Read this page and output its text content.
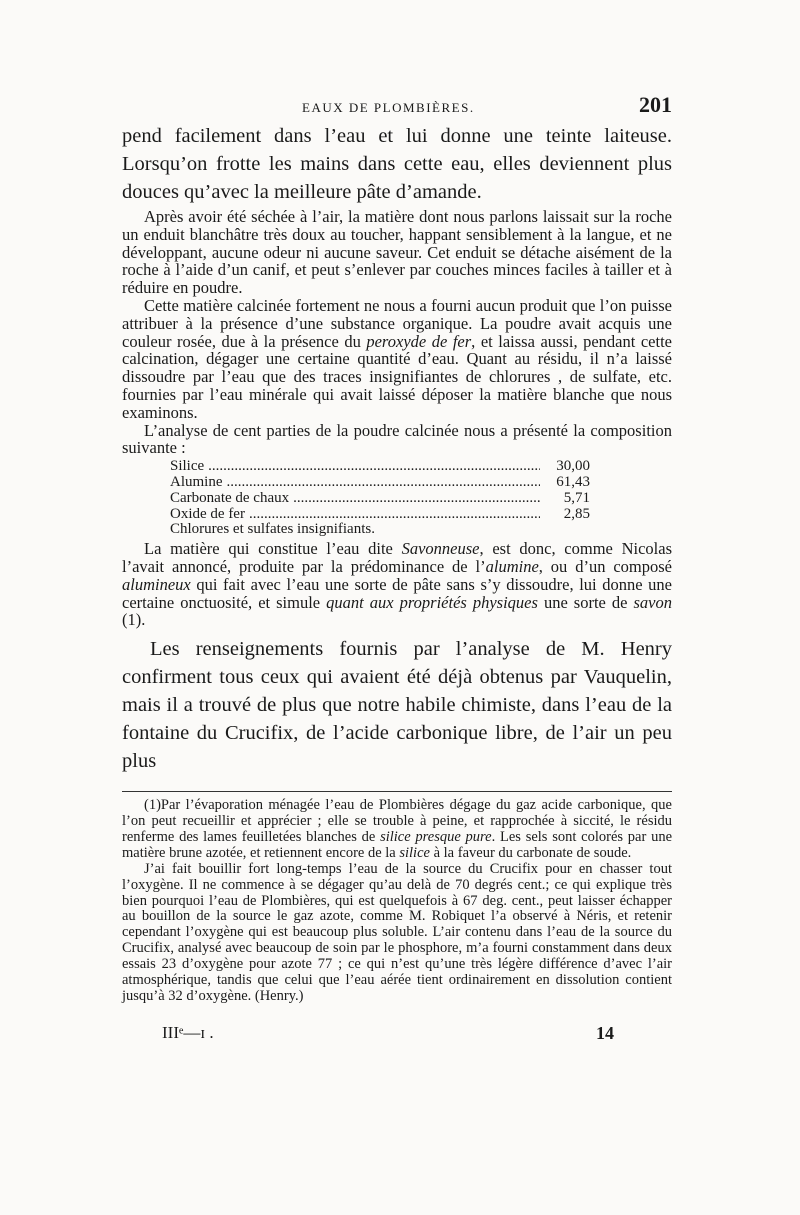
EAUX DE PLOMBIÈRES.	201

pend facilement dans l’eau et lui donne une teinte laiteuse. Lorsqu’on frotte les mains dans cette eau, elles deviennent plus douces qu’avec la meilleure pâte d’amande.

Après avoir été séchée à l’air, la matière dont nous parlons laissait sur la roche un enduit blanchâtre très doux au toucher, happant sensiblement à la langue, et ne développant, aucune odeur ni aucune saveur. Cet enduit se détache aisément de la roche à l’aide d’un canif, et peut s’enlever par couches minces faciles à tailler et à réduire en poudre.

Cette matière calcinée fortement ne nous a fourni aucun produit que l’on puisse attribuer à la présence d’une substance organique. La poudre avait acquis une couleur rosée, due à la présence du peroxyde de fer, et laissa aussi, pendant cette calcination, dégager une certaine quantité d’eau. Quant au résidu, il n’a laissé dissoudre par l’eau que des traces insignifiantes de chlorures , de sulfate, etc. fournies par l’eau minérale qui avait laissé déposer la matière blanche que nous examinons.

L’analyse de cent parties de la poudre calcinée nous a présenté la composition suivante :

Silice .....	30,00
Alumine .....	61,43
Carbonate de chaux .....	5,71
Oxide de fer .....	2,85
Chlorures et sulfates insignifiants.

La matière qui constitue l’eau dite Savonneuse, est donc, comme Nicolas l’avait annoncé, produite par la prédominance de l’alumine, ou d’un composé alumineux qui fait avec l’eau une sorte de pâte sans s’y dissoudre, lui donne une certaine onctuosité, et simule quant aux propriétés physiques une sorte de savon (1).

Les renseignements fournis par l’analyse de M. Henry confirment tous ceux qui avaient été déjà obtenus par Vauquelin, mais il a trouvé de plus que notre habile chimiste, dans l’eau de la fontaine du Crucifix, de l’acide carbonique libre, de l’air un peu plus

(1)Par l’évaporation ménagée l’eau de Plombières dégage du gaz acide carbonique, que l’on peut recueillir et apprécier ; elle se trouble à peine, et rapprochée à siccité, le résidu renferme des lames feuilletées blanches de silice presque pure. Les sels sont colorés par une matière brune azotée, et retiennent encore de la silice à la faveur du carbonate de soude.

J’ai fait bouillir fort long-temps l’eau de la source du Crucifix pour en chasser tout l’oxygène. Il ne commence à se dégager qu’au delà de 70 degrés cent.; ce qui explique très bien pourquoi l’eau de Plombières, qui est quelquefois à 67 deg. cent., peut laisser échapper au bouillon de la source le gaz azote, comme M. Robiquet l’a observé à Néris, et retenir cependant l’oxygène qui est beaucoup plus soluble. L’air contenu dans l’eau de la source du Crucifix, analysé avec beaucoup de soin par le phosphore, m’a fourni constamment dans deux essais 23 d’oxygène pour azote 77 ; ce qui n’est qu’une très légère différence d’avec l’air atmosphérique, tandis que celui que l’eau aérée tient ordinairement en dissolution contient jusqu’à 32 d’oxygène. (Henry.)

IIIᵉ—ɪ .	14
